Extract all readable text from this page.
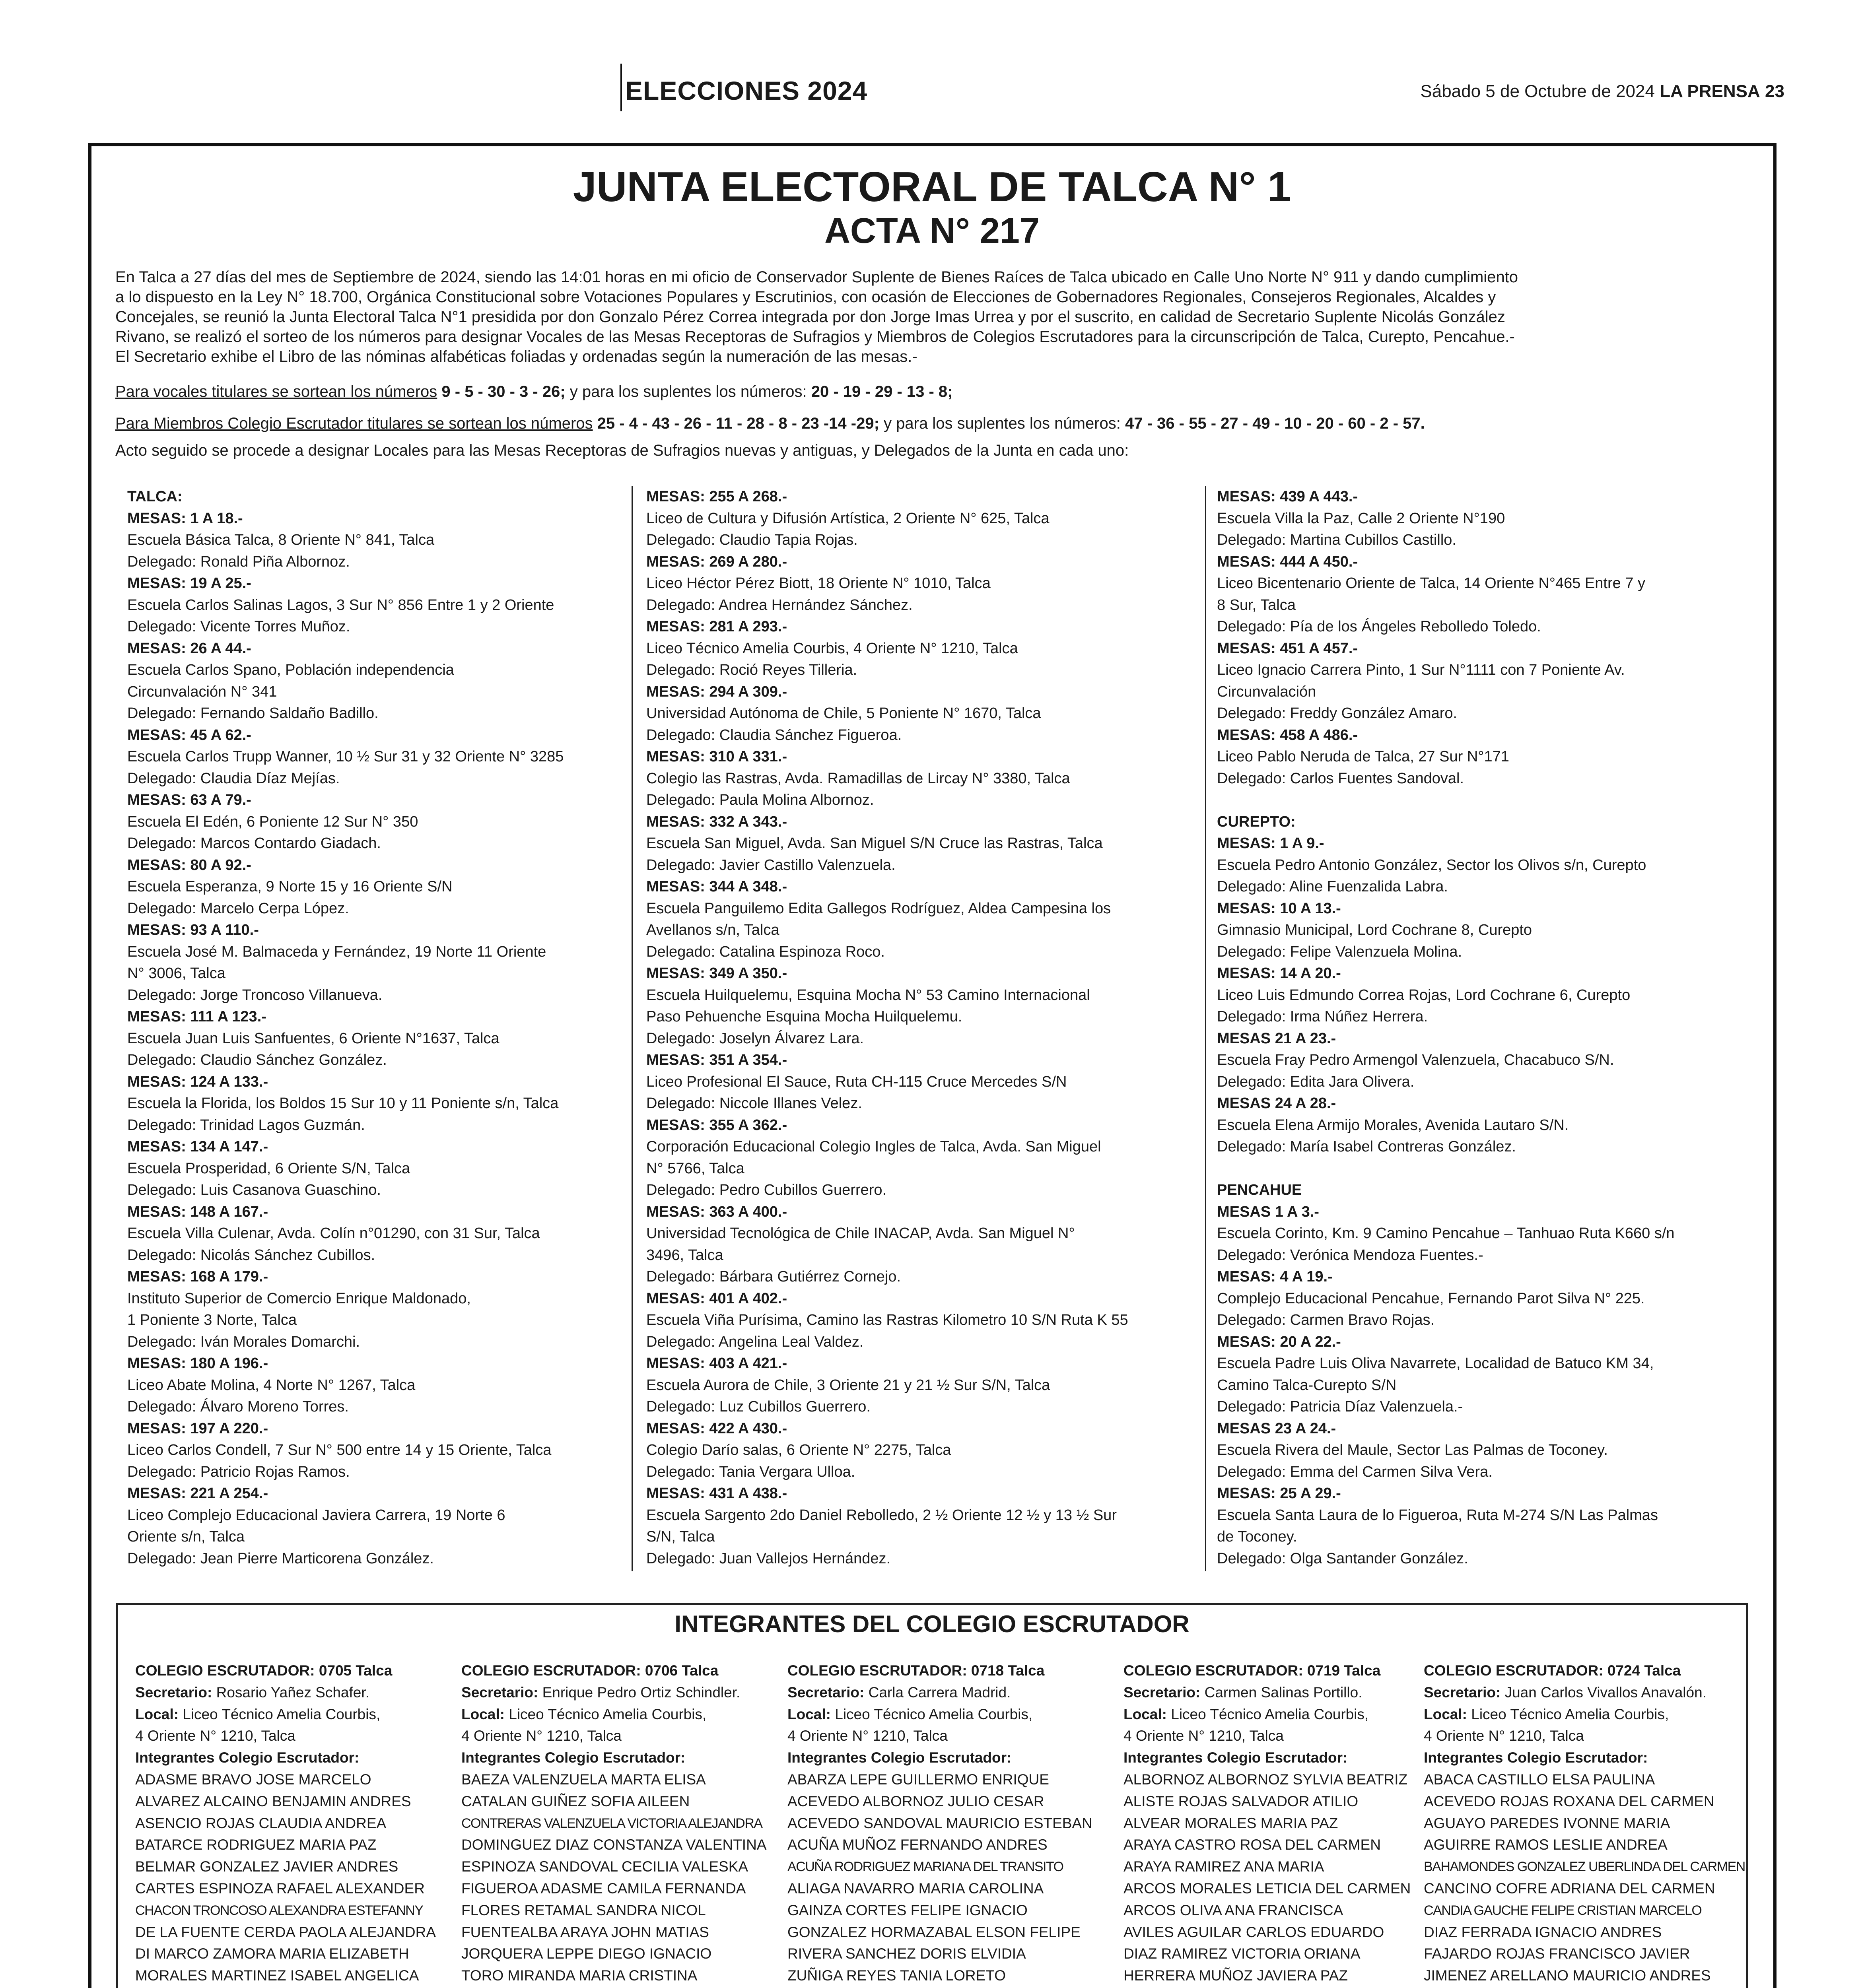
ELECCIONES 2024	Sábado 5 de Octubre de 2024 LA PRENSA 23
JUNTA ELECTORAL DE TALCA N° 1
ACTA N° 217

En Talca a 27 días del mes de Septiembre de 2024, siendo las 14:01 horas en mi oficio de Conservador Suplente de Bienes Raíces de Talca ubicado en Calle Uno Norte N° 911 y dando cumplimiento

a lo dispuesto en la Ley N° 18.700, Orgánica Constitucional sobre Votaciones Populares y Escrutinios, con ocasión de Elecciones de Gobernadores Regionales, Consejeros Regionales, Alcaldes y

Concejales, se reunió la Junta Electoral Talca N°1 presidida por don Gonzalo Pérez Correa integrada por don Jorge Imas Urrea y por el suscrito, en calidad de Secretario Suplente Nicolás González

Rivano, se realizó el sorteo de los números para designar Vocales de las Mesas Receptoras de Sufragios y Miembros de Colegios Escrutadores para la circunscripción de Talca, Curepto, Pencahue.-

El Secretario exhibe el Libro de las nóminas alfabéticas foliadas y ordenadas según la numeración de las mesas.-

Para vocales titulares se sortean los números 9 - 5 - 30 - 3 - 26; y para los suplentes los números: 20 - 19 - 29 - 13 - 8;
Para Miembros Colegio Escrutador titulares se sortean los números 25 - 4 - 43 - 26 - 11 - 28 - 8 - 23 -14 -29; y para los suplentes los números: 47 - 36 - 55 - 27 - 49 - 10 - 20 - 60 - 2 - 57.
Acto seguido se procede a designar Locales para las Mesas Receptoras de Sufragios nuevas y antiguas, y Delegados de la Junta en cada uno:
TALCA:
MESAS: 1 A 18.-
Escuela Básica Talca, 8 Oriente N° 841, Talca
Delegado: Ronald Piña Albornoz.
MESAS: 19 A 25.-
Escuela Carlos Salinas Lagos, 3 Sur N° 856 Entre 1 y 2 Oriente
Delegado: Vicente Torres Muñoz.
MESAS: 26 A 44.-
Escuela Carlos Spano, Población independencia
Circunvalación N° 341
Delegado: Fernando Saldaño Badillo.
MESAS: 45 A 62.-
Escuela Carlos Trupp Wanner, 10 ½ Sur 31 y 32 Oriente N° 3285
Delegado: Claudia Díaz Mejías.
MESAS: 63 A 79.-
Escuela El Edén, 6 Poniente 12 Sur N° 350
Delegado: Marcos Contardo Giadach.
MESAS: 80 A 92.-
Escuela Esperanza, 9 Norte 15 y 16 Oriente S/N
Delegado: Marcelo Cerpa López.
MESAS: 93 A 110.-
Escuela José M. Balmaceda y Fernández, 19 Norte 11 Oriente
N° 3006, Talca
Delegado: Jorge Troncoso Villanueva.
MESAS: 111 A 123.-
Escuela Juan Luis Sanfuentes, 6 Oriente N°1637, Talca
Delegado: Claudio Sánchez González.
MESAS: 124 A 133.-
Escuela la Florida, los Boldos 15 Sur 10 y 11 Poniente s/n, Talca
Delegado: Trinidad Lagos Guzmán.
MESAS: 134 A 147.-
Escuela Prosperidad, 6 Oriente S/N, Talca
Delegado: Luis Casanova Guaschino.
MESAS: 148 A 167.-
Escuela Villa Culenar, Avda. Colín n°01290, con 31 Sur, Talca
Delegado: Nicolás Sánchez Cubillos.
MESAS: 168 A 179.-
Instituto Superior de Comercio Enrique Maldonado,
1 Poniente 3 Norte, Talca
Delegado: Iván Morales Domarchi.
MESAS: 180 A 196.-
Liceo Abate Molina, 4 Norte N° 1267, Talca
Delegado: Álvaro Moreno Torres.
MESAS: 197 A 220.-
Liceo Carlos Condell, 7 Sur N° 500 entre 14 y 15 Oriente, Talca
Delegado: Patricio Rojas Ramos.
MESAS: 221 A 254.-
Liceo Complejo Educacional Javiera Carrera, 19 Norte 6
Oriente s/n, Talca
Delegado: Jean Pierre Marticorena González.
MESAS: 255 A 268.-
Liceo de Cultura y Difusión Artística, 2 Oriente N° 625, Talca
Delegado: Claudio Tapia Rojas.
MESAS: 269 A 280.-
Liceo Héctor Pérez Biott, 18 Oriente N° 1010, Talca
Delegado: Andrea Hernández Sánchez.
MESAS: 281 A 293.-
Liceo Técnico Amelia Courbis, 4 Oriente N° 1210, Talca
Delegado: Roció Reyes Tilleria.
MESAS: 294 A 309.-
Universidad Autónoma de Chile, 5 Poniente N° 1670, Talca
Delegado: Claudia Sánchez Figueroa.
MESAS: 310 A 331.-
Colegio las Rastras, Avda. Ramadillas de Lircay N° 3380, Talca
Delegado: Paula Molina Albornoz.
MESAS: 332 A 343.-
Escuela San Miguel, Avda. San Miguel S/N Cruce las Rastras, Talca
Delegado: Javier Castillo Valenzuela.
MESAS: 344 A 348.-
Escuela Panguilemo Edita Gallegos Rodríguez, Aldea Campesina los
Avellanos s/n, Talca
Delegado: Catalina Espinoza Roco.
MESAS: 349 A 350.-
Escuela Huilquelemu, Esquina Mocha N° 53 Camino Internacional
Paso Pehuenche Esquina Mocha Huilquelemu.
Delegado: Joselyn Álvarez Lara.
MESAS: 351 A 354.-
Liceo Profesional El Sauce, Ruta CH-115 Cruce Mercedes S/N
Delegado: Niccole Illanes Velez.
MESAS: 355 A 362.-
Corporación Educacional Colegio Ingles de Talca, Avda. San Miguel
N° 5766, Talca
Delegado: Pedro Cubillos Guerrero.
MESAS: 363 A 400.-
Universidad Tecnológica de Chile INACAP, Avda. San Miguel N°
3496, Talca
Delegado: Bárbara Gutiérrez Cornejo.
MESAS: 401 A 402.-
Escuela Viña Purísima, Camino las Rastras Kilometro 10 S/N Ruta K 55
Delegado: Angelina Leal Valdez.
MESAS: 403 A 421.-
Escuela Aurora de Chile, 3 Oriente 21 y 21 ½ Sur S/N, Talca
Delegado: Luz Cubillos Guerrero.
MESAS: 422 A 430.-
Colegio Darío salas, 6 Oriente N° 2275, Talca
Delegado: Tania Vergara Ulloa.
MESAS: 431 A 438.-
Escuela Sargento 2do Daniel Rebolledo, 2 ½ Oriente 12 ½ y 13 ½ Sur
S/N, Talca
Delegado: Juan Vallejos Hernández.
MESAS: 439 A 443.-
Escuela Villa la Paz, Calle 2 Oriente N°190
Delegado: Martina Cubillos Castillo.
MESAS: 444 A 450.-
Liceo Bicentenario Oriente de Talca, 14 Oriente N°465 Entre 7 y
8 Sur, Talca
Delegado: Pía de los Ángeles Rebolledo Toledo.
MESAS: 451 A 457.-
Liceo Ignacio Carrera Pinto, 1 Sur N°1111 con 7 Poniente Av.
Circunvalación
Delegado: Freddy González Amaro.
MESAS: 458 A 486.-
Liceo Pablo Neruda de Talca, 27 Sur N°171
Delegado: Carlos Fuentes Sandoval.

CUREPTO:
MESAS: 1 A 9.-
Escuela Pedro Antonio González, Sector los Olivos s/n, Curepto
Delegado: Aline Fuenzalida Labra.
MESAS: 10 A 13.-
Gimnasio Municipal, Lord Cochrane 8, Curepto
Delegado: Felipe Valenzuela Molina.
MESAS: 14 A 20.-
Liceo Luis Edmundo Correa Rojas, Lord Cochrane 6, Curepto
Delegado: Irma Núñez Herrera.
MESAS 21 A 23.-
Escuela Fray Pedro Armengol Valenzuela, Chacabuco S/N.
Delegado: Edita Jara Olivera.
MESAS 24 A 28.-
Escuela Elena Armijo Morales, Avenida Lautaro S/N.
Delegado: María Isabel Contreras González.

PENCAHUE
MESAS 1 A 3.-
Escuela Corinto, Km. 9 Camino Pencahue – Tanhuao Ruta K660 s/n
Delegado: Verónica Mendoza Fuentes.-
MESAS: 4 A 19.-
Complejo Educacional Pencahue, Fernando Parot Silva N° 225.
Delegado: Carmen Bravo Rojas.
MESAS: 20 A 22.-
Escuela Padre Luis Oliva Navarrete, Localidad de Batuco KM 34,
Camino Talca-Curepto S/N
Delegado: Patricia Díaz Valenzuela.-
MESAS 23 A 24.-
Escuela Rivera del Maule, Sector Las Palmas de Toconey.
Delegado: Emma del Carmen Silva Vera.
MESAS: 25 A 29.-
Escuela Santa Laura de lo Figueroa, Ruta M-274 S/N Las Palmas
de Toconey.
Delegado: Olga Santander González.
INTEGRANTES DEL COLEGIO ESCRUTADOR
COLEGIO ESCRUTADOR: 0705 Talca
Secretario: Rosario Yañez Schafer.
Local: Liceo Técnico Amelia Courbis,
4 Oriente N° 1210, Talca
Integrantes Colegio Escrutador:
ADASME BRAVO JOSE MARCELO
ALVAREZ ALCAINO BENJAMIN ANDRES
ASENCIO ROJAS CLAUDIA ANDREA
BATARCE RODRIGUEZ MARIA PAZ
BELMAR GONZALEZ JAVIER ANDRES
CARTES ESPINOZA RAFAEL ALEXANDER
CHACON TRONCOSO ALEXANDRA ESTEFANNY
DE LA FUENTE CERDA PAOLA ALEJANDRA
DI MARCO ZAMORA MARIA ELIZABETH
MORALES MARTINEZ ISABEL ANGELICA
COLEGIO ESCRUTADOR: 0706 Talca
Secretario: Enrique Pedro Ortiz Schindler.
Local: Liceo Técnico Amelia Courbis,
4 Oriente N° 1210, Talca
Integrantes Colegio Escrutador:
BAEZA VALENZUELA MARTA ELISA
CATALAN GUIÑEZ SOFIA AILEEN
CONTRERAS VALENZUELA VICTORIA ALEJANDRA
DOMINGUEZ DIAZ CONSTANZA VALENTINA
ESPINOZA SANDOVAL CECILIA VALESKA
FIGUEROA ADASME CAMILA FERNANDA
FLORES RETAMAL SANDRA NICOL
FUENTEALBA ARAYA JOHN MATIAS
JORQUERA LEPPE DIEGO IGNACIO
TORO MIRANDA MARIA CRISTINA
COLEGIO ESCRUTADOR: 0718 Talca
Secretario: Carla Carrera Madrid.
Local: Liceo Técnico Amelia Courbis,
4 Oriente N° 1210, Talca
Integrantes Colegio Escrutador:
ABARZA LEPE GUILLERMO ENRIQUE
ACEVEDO ALBORNOZ JULIO CESAR
ACEVEDO SANDOVAL MAURICIO ESTEBAN
ACUÑA MUÑOZ FERNANDO ANDRES
ACUÑA RODRIGUEZ MARIANA DEL TRANSITO
ALIAGA NAVARRO MARIA CAROLINA
GAINZA CORTES FELIPE IGNACIO
GONZALEZ HORMAZABAL ELSON FELIPE
RIVERA SANCHEZ DORIS ELVIDIA
ZUÑIGA REYES TANIA LORETO
COLEGIO ESCRUTADOR: 0719 Talca
Secretario: Carmen Salinas Portillo.
Local: Liceo Técnico Amelia Courbis,
4 Oriente N° 1210, Talca
Integrantes Colegio Escrutador:
ALBORNOZ ALBORNOZ SYLVIA BEATRIZ
ALISTE ROJAS SALVADOR ATILIO
ALVEAR MORALES MARIA PAZ
ARAYA CASTRO ROSA DEL CARMEN
ARAYA RAMIREZ ANA MARIA
ARCOS MORALES LETICIA DEL CARMEN
ARCOS OLIVA ANA FRANCISCA
AVILES AGUILAR CARLOS EDUARDO
DIAZ RAMIREZ VICTORIA ORIANA
HERRERA MUÑOZ JAVIERA PAZ
COLEGIO ESCRUTADOR: 0724 Talca
Secretario: Juan Carlos Vivallos Anavalón.
Local: Liceo Técnico Amelia Courbis,
4 Oriente N° 1210, Talca
Integrantes Colegio Escrutador:
ABACA CASTILLO ELSA PAULINA
ACEVEDO ROJAS ROXANA DEL CARMEN
AGUAYO PAREDES IVONNE MARIA
AGUIRRE RAMOS LESLIE ANDREA
BAHAMONDES GONZALEZ UBERLINDA DEL CARMEN
CANCINO COFRE ADRIANA DEL CARMEN
CANDIA GAUCHE FELIPE CRISTIAN MARCELO
DIAZ FERRADA IGNACIO ANDRES
FAJARDO ROJAS FRANCISCO JAVIER
JIMENEZ ARELLANO MAURICIO ANDRES
